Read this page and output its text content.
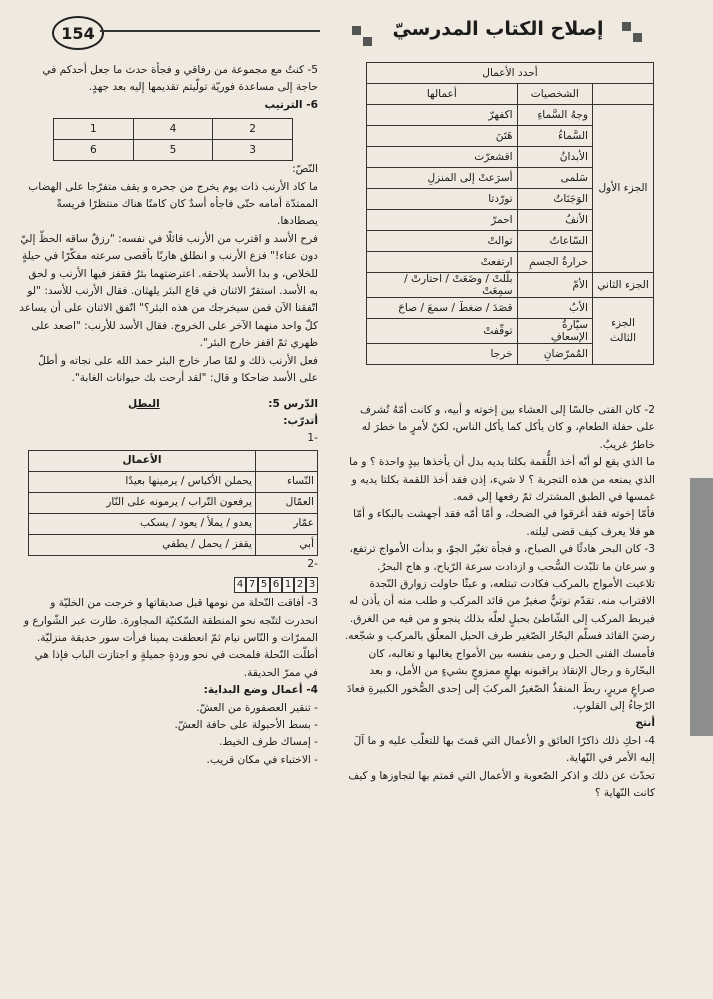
154	إصلاح الكتاب المدرسيّ
أحدد الأعمال		
	الشخصيات	أعمالها
الجزء الأول	وجهُ السَّماءِ	اكفهرّ
	السَّماءُ	هَتَنَ
	الأبدانُ	اقشعرّت
	سَلمى	أسرَعتْ إلى المنزلِ
	الوَجَنَاتُ	تورّدتا
	الأنفُ	احمرّ
	السّاعاتُ	توالتْ
	حرارةُ الجسمِ	ارتفعتْ
الجزء الثاني	الأمّ	بلّلتْ / وضَعَتْ / احتارتْ / سمِعَتْ
الجزء الثالث	الأبُ	قصَدَ / ضغطَ / سمعَ / صاحَ
	سيّارةُ الإسعافِ	توقّفتْ
	المُمرّضانِ	خرجا

2- كان الفتى جالسًا إلى العشاء بين إخوته و أبيه، و كانت أمّهُ تُشرف على حفلة الطعام، و كان يأكل كما يأكل الناس، لكنْ لأمرٍ ما خطرَ له خاطرٌ غريبٌ.

ما الذي يقع لو أنّه أخذ اللُّقمة بكلتا يديه بدل أن يأخذها بيدٍ واحدة ؟ و ما الذي يمنعه من هذه التجربة ؟ لا شيء، إذن فقد أخذ اللقمة بكلتا يديه و غمسها في الطبق المشترك ثمّ رفعها إلى فمه.

فأمّا إخوته فقد أغرقوا في الضحك، و أمّا أمّه فقد أجهشت بالبكاء و أمّا هو فلا يعرف كيف قضى ليلته.

3- كان البحر هادئًا في الصباح، و فجأة تغيّر الجوّ، و بدأت الأمواج ترتفع، و سرعان ما تلبّدت السُّحب و ازدادت سرعة الرّياح، و هاج البحرُ.

تلاعبت الأمواج بالمركب فكادت تبتلعه، و عبثًا حاولت زوارق النّجدة الاقتراب منه. تقدّم نوتيٌّ صغيرٌ من قائد المركب و طلب منه أن يأذن له فيربط المركب إلى الشّاطئ بحبلٍ لعلّه بذلك ينجو و من فيه من الغرق. رضيَ القائد فسلّم البحّار الصّغير طرف الحبل المعلّق بالمركب و شجّعه. فأمسك الفتى الحبل و رمى بنفسه بين الأمواج يغالبها و تغالبه، كان البحّارة و رجال الإنقاذ يراقبونه بهلعٍ ممزوجٍ بشيءٍ من الأمل، و بعد صراعٍ مريرٍ، ربطَ المنقذُ الصّغيرُ المركبَ إلى إحدى الصُّخور الكبيرةِ فعادَ الرّجاءُ إلى القلوبِ.

أنتج

4- احكِ ذلك ذاكرًا العائق و الأعمال التي قمتَ بها للتغلّب عليه و ما آلَ إليه الأمر في النّهاية.

تحدّث عن ذلك و اذكر الصّعوبة و الأعمال التي قمتم بها لتجاوزها و كيف كانت النّهاية ؟

5- كنتُ مع مجموعة من رفاقي و فجأة حدث ما جعل أحدكم في حاجة إلى مساعدة فوريّة تولّيتم تقديمها إليه بعد جهدٍ.

6- الترتيب

2	4	1
3	5	6

النّصّ:

ما كاد الأرنب ذات يوم يخرج من جحره و يقف متفرّجا على الهضاب الممتدّة أمامه حتّى فاجأه أسدٌ كان كامنًا هناك منتظرًا فريسةً يصطادها.

فرح الأسد و اقترب من الأرنب قائلًا في نفسه: "رزقٌ ساقه الحظّ إليّ دون عناء!" فزع الأرنب و انطلق هاربًا بأقصى سرعته مفكّرًا في حيلةٍ للخلاص، و بدا الأسد يلاحقه. اعترضتهما بئرٌ فقفز فيها الأرنب و لحق به الأسد. استقرّ الاثنان في قاع البئر يلهثان. فقال الأرنب للأسد: "لو اتّفقنا الآن فمن سيخرجك من هذه البئر؟" اتّفق الاثنان على أن يساعد كلّ واحد منهما الآخر على الخروج. فقال الأسد للأرنب: "اصعد على ظهري ثمّ اقفز خارج البئر".

فعل الأرنب ذلك و لمّا صار خارج البئر حمد الله على نجاته و أطلّ على الأسد ضاحكا و قال: "لقد أرحت بك حيوانات الغابة".

الدّرس 5:
البطل

أتدرّب:

-1

	الأعمال
النّساء	يحملن الأكياس / يرمينها بعيدًا
العمّال	يرفعون التّراب / يرمونه على النّار
عمّار	يعدو / يملأ / يعود / يسكب
أبي	يقفز / يحمل / يطفي

-2

3
2
1
6
5
7
4

3- أفاقت النّحلة من نومها قبل صديقاتها و خرجت من الخليّة و انحدرت لتتّجه نحو المنطقة السّكنيّة المجاورة. طارت عبر الشّوارع و الممرّات و النّاس نيام ثمّ انعطفت يمينا فرأت سور حديقة منزليّة. أطلّت النّحلة فلمحت في نحو وردةٍ جميلةٍ و اجتازت الباب فإذا هي في ممرّ الحديقة.

4- أعمال وضع البداية:

- تنقير العصفورة من العشّ.

- بسط الأحبولة على حافة العشّ.

- إمساك طرف الخيط.

- الاختباء في مكان قريب.
